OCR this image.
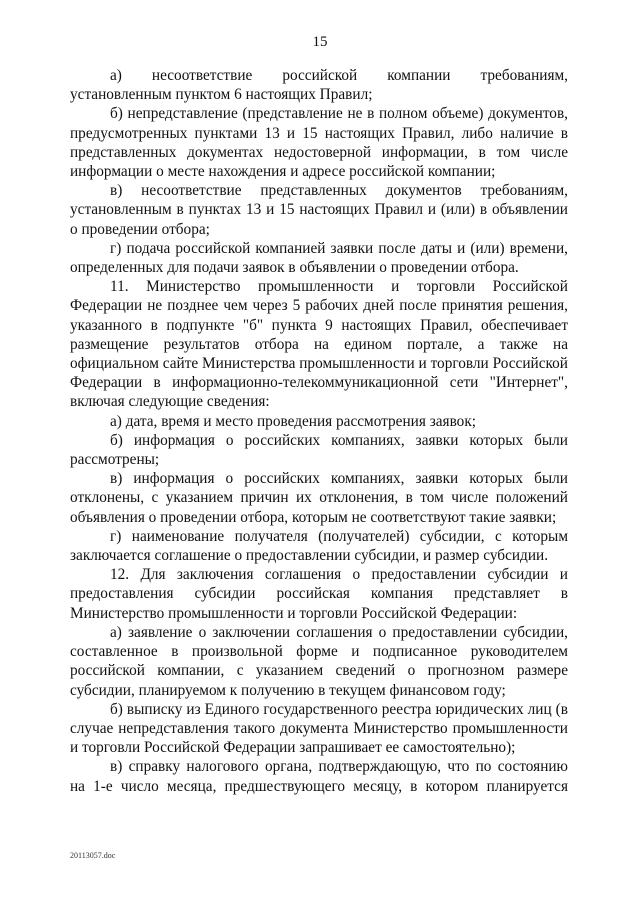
15

а) несоответствие российской компании требованиям, установленным пунктом 6 настоящих Правил;

б) непредставление (представление не в полном объеме) документов, предусмотренных пунктами 13 и 15 настоящих Правил, либо наличие в представленных документах недостоверной информации, в том числе информации о месте нахождения и адресе российской компании;

в) несоответствие представленных документов требованиям, установленным в пунктах 13 и 15 настоящих Правил и (или) в объявлении о проведении отбора;

г) подача российской компанией заявки после даты и (или) времени, определенных для подачи заявок в объявлении о проведении отбора.

11. Министерство промышленности и торговли Российской Федерации не позднее чем через 5 рабочих дней после принятия решения, указанного в подпункте "б" пункта 9 настоящих Правил, обеспечивает размещение результатов отбора на едином портале, а также на официальном сайте Министерства промышленности и торговли Российской Федерации в информационно-телекоммуникационной сети "Интернет", включая следующие сведения:

а) дата, время и место проведения рассмотрения заявок;

б) информация о российских компаниях, заявки которых были рассмотрены;

в) информация о российских компаниях, заявки которых были отклонены, с указанием причин их отклонения, в том числе положений объявления о проведении отбора, которым не соответствуют такие заявки;

г) наименование получателя (получателей) субсидии, с которым заключается соглашение о предоставлении субсидии, и размер субсидии.

12. Для заключения соглашения о предоставлении субсидии и предоставления субсидии российская компания представляет в Министерство промышленности и торговли Российской Федерации:

а) заявление о заключении соглашения о предоставлении субсидии, составленное в произвольной форме и подписанное руководителем российской компании, с указанием сведений о прогнозном размере субсидии, планируемом к получению в текущем финансовом году;

б) выписку из Единого государственного реестра юридических лиц (в случае непредставления такого документа Министерство промышленности и торговли Российской Федерации запрашивает ее самостоятельно);

в) справку налогового органа, подтверждающую, что по состоянию на 1-е число месяца, предшествующего месяцу, в котором планируется

20113057.doc
